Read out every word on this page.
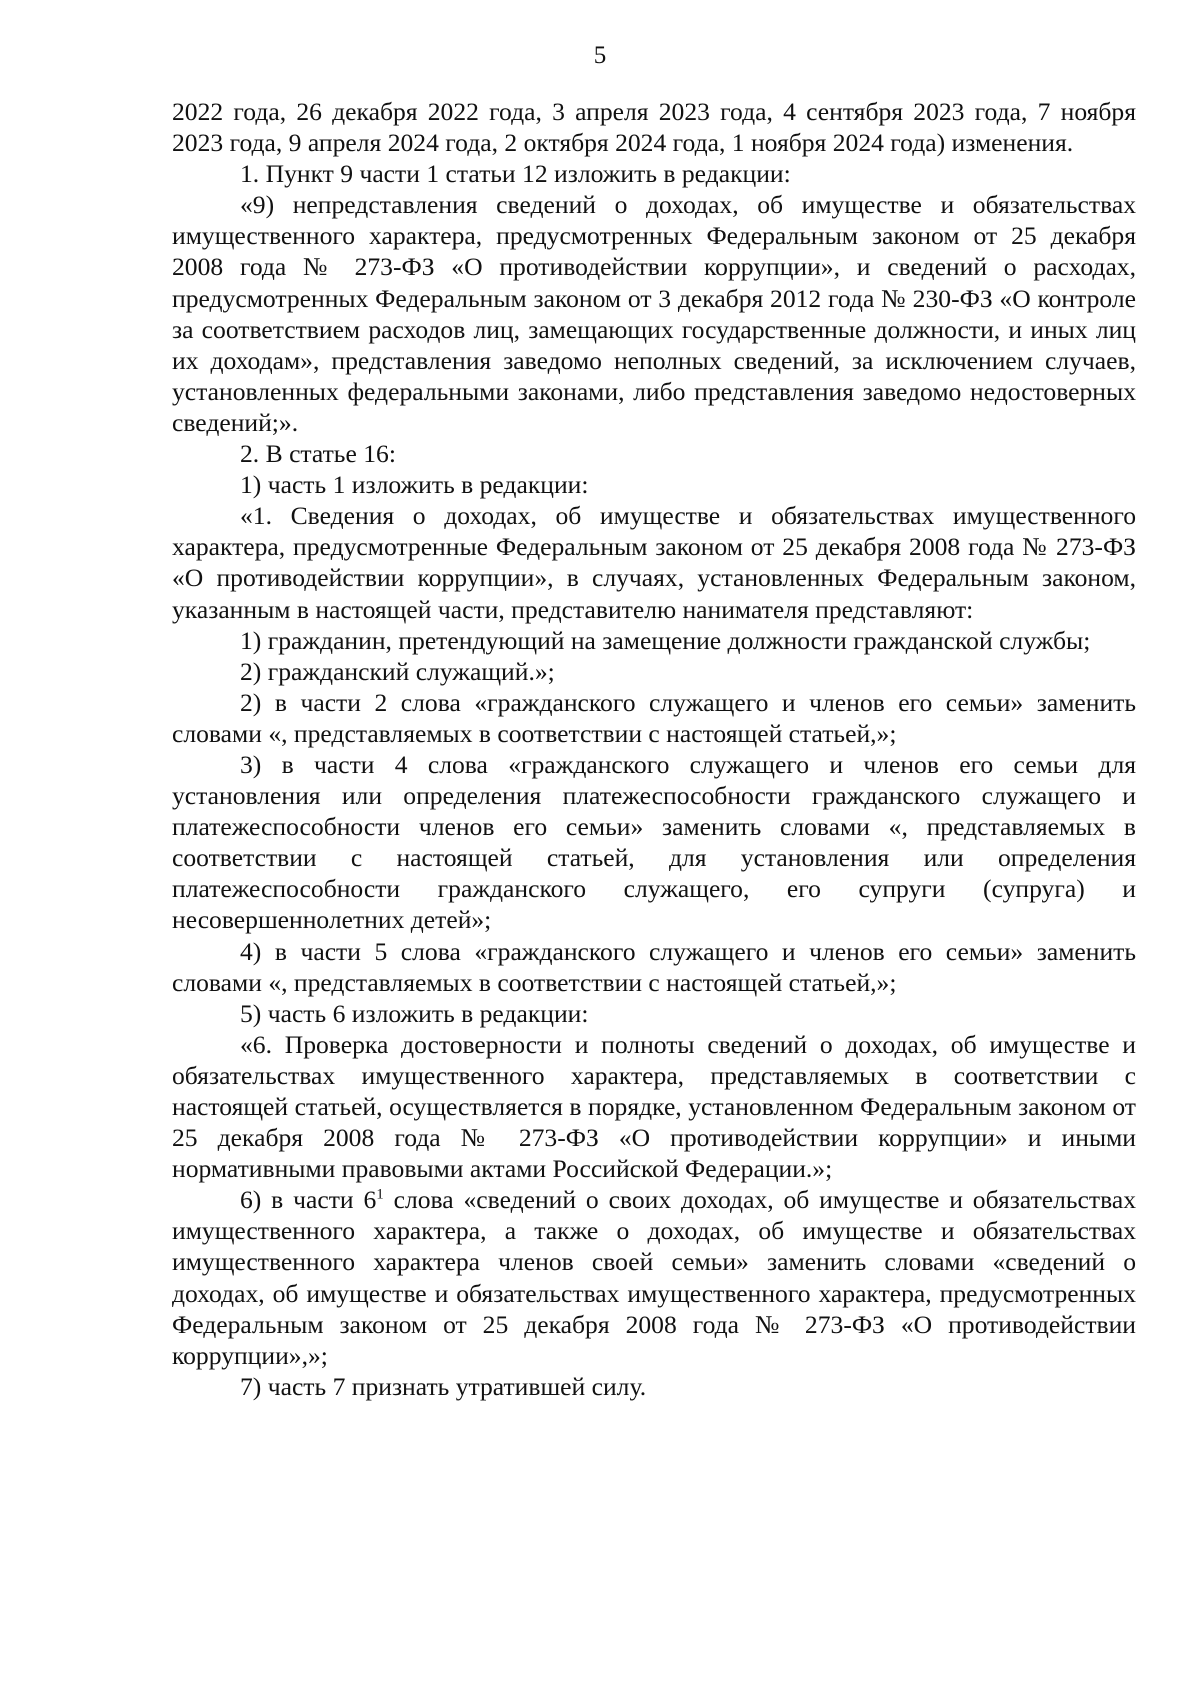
5

2022 года, 26 декабря 2022 года, 3 апреля 2023 года, 4 сентября 2023 года, 7 ноября 2023 года, 9 апреля 2024 года, 2 октября 2024 года, 1 ноября 2024 года) изменения.

1. Пункт 9 части 1 статьи 12 изложить в редакции:

«9) непредставления сведений о доходах, об имуществе и обязательствах имущественного характера, предусмотренных Федеральным законом от 25 декабря 2008 года № 273-ФЗ «О противодействии коррупции», и сведений о расходах, предусмотренных Федеральным законом от 3 декабря 2012 года № 230-ФЗ «О контроле за соответствием расходов лиц, замещающих государственные должности, и иных лиц их доходам», представления заведомо неполных сведений, за исключением случаев, установленных федеральными законами, либо представления заведомо недостоверных сведений;».

2. В статье 16:

1) часть 1 изложить в редакции:

«1. Сведения о доходах, об имуществе и обязательствах имущественного характера, предусмотренные Федеральным законом от 25 декабря 2008 года № 273-ФЗ «О противодействии коррупции», в случаях, установленных Федеральным законом, указанным в настоящей части, представителю нанимателя представляют:

1) гражданин, претендующий на замещение должности гражданской службы;

2) гражданский служащий.»;

2) в части 2 слова «гражданского служащего и членов его семьи» заменить словами «, представляемых в соответствии с настоящей статьей,»;

3) в части 4 слова «гражданского служащего и членов его семьи для установления или определения платежеспособности гражданского служащего и платежеспособности членов его семьи» заменить словами «, представляемых в соответствии с настоящей статьей, для установления или определения платежеспособности гражданского служащего, его супруги (супруга) и несовершеннолетних детей»;

4) в части 5 слова «гражданского служащего и членов его семьи» заменить словами «, представляемых в соответствии с настоящей статьей,»;

5) часть 6 изложить в редакции:

«6. Проверка достоверности и полноты сведений о доходах, об имуществе и обязательствах имущественного характера, представляемых в соответствии с настоящей статьей, осуществляется в порядке, установленном Федеральным законом от 25 декабря 2008 года № 273-ФЗ «О противодействии коррупции» и иными нормативными правовыми актами Российской Федерации.»;

6) в части $6^1$ слова «сведений о своих доходах, об имуществе и обязательствах имущественного характера, а также о доходах, об имуществе и обязательствах имущественного характера членов своей семьи» заменить словами «сведений о доходах, об имуществе и обязательствах имущественного характера, предусмотренных Федеральным законом от 25 декабря 2008 года № 273-ФЗ «О противодействии коррупции»,»;

7) часть 7 признать утратившей силу.
